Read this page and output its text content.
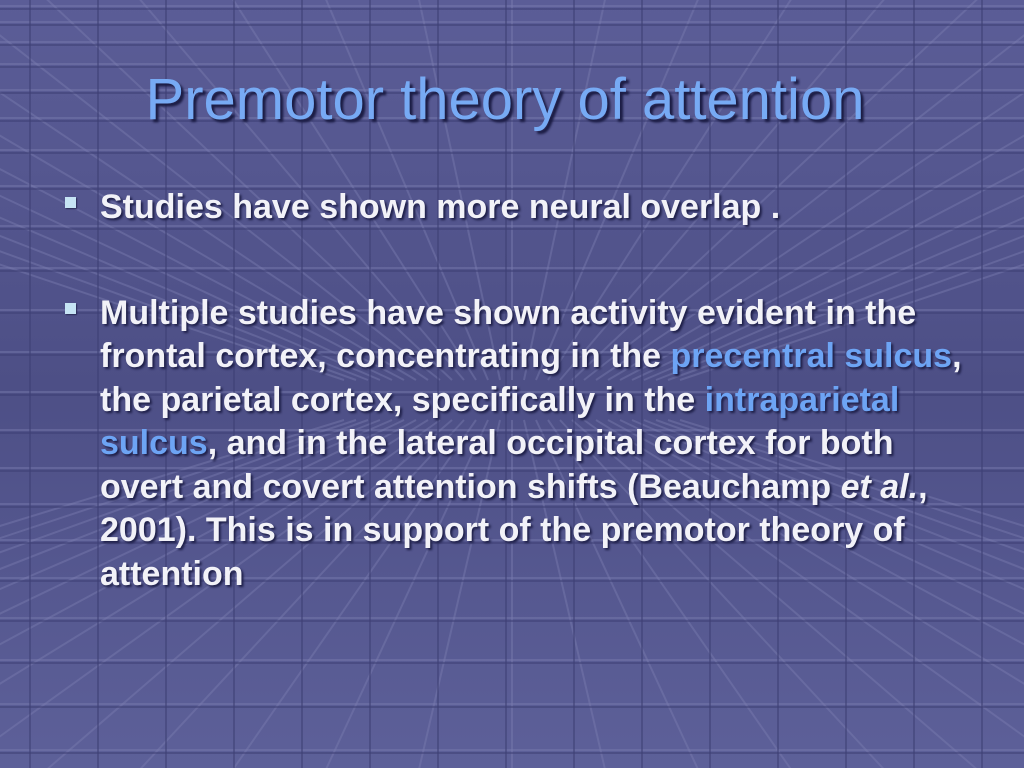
Premotor theory of attention
Studies have shown more neural overlap .
Multiple studies have shown activity evident in the frontal cortex, concentrating in the precentral sulcus, the parietal cortex, specifically in the intraparietal sulcus, and in the lateral occipital cortex for both overt and covert attention shifts (Beauchamp et al., 2001). This is in support of the premotor theory of attention
